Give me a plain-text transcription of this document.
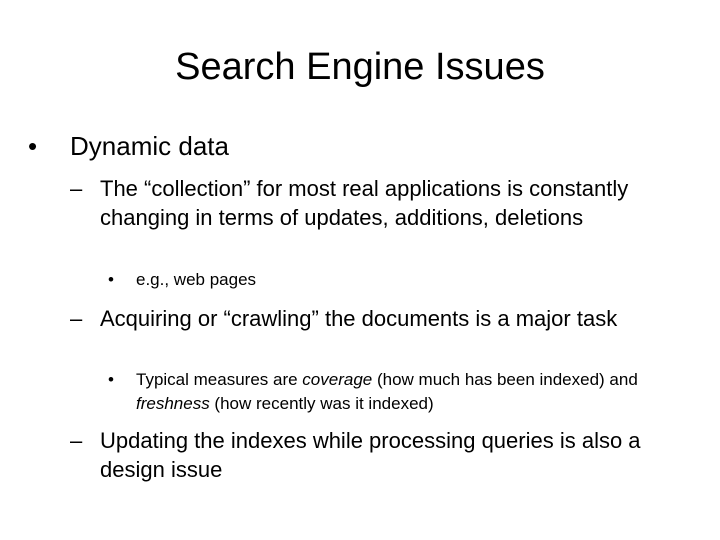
Search Engine Issues
•	Dynamic data
– The “collection” for most real applications is constantly changing in terms of updates, additions, deletions
•	e.g., web pages
– Acquiring or “crawling” the documents is a major task
•	Typical measures are coverage (how much has been indexed) and freshness (how recently was it indexed)
– Updating the indexes while processing queries is also a design issue
